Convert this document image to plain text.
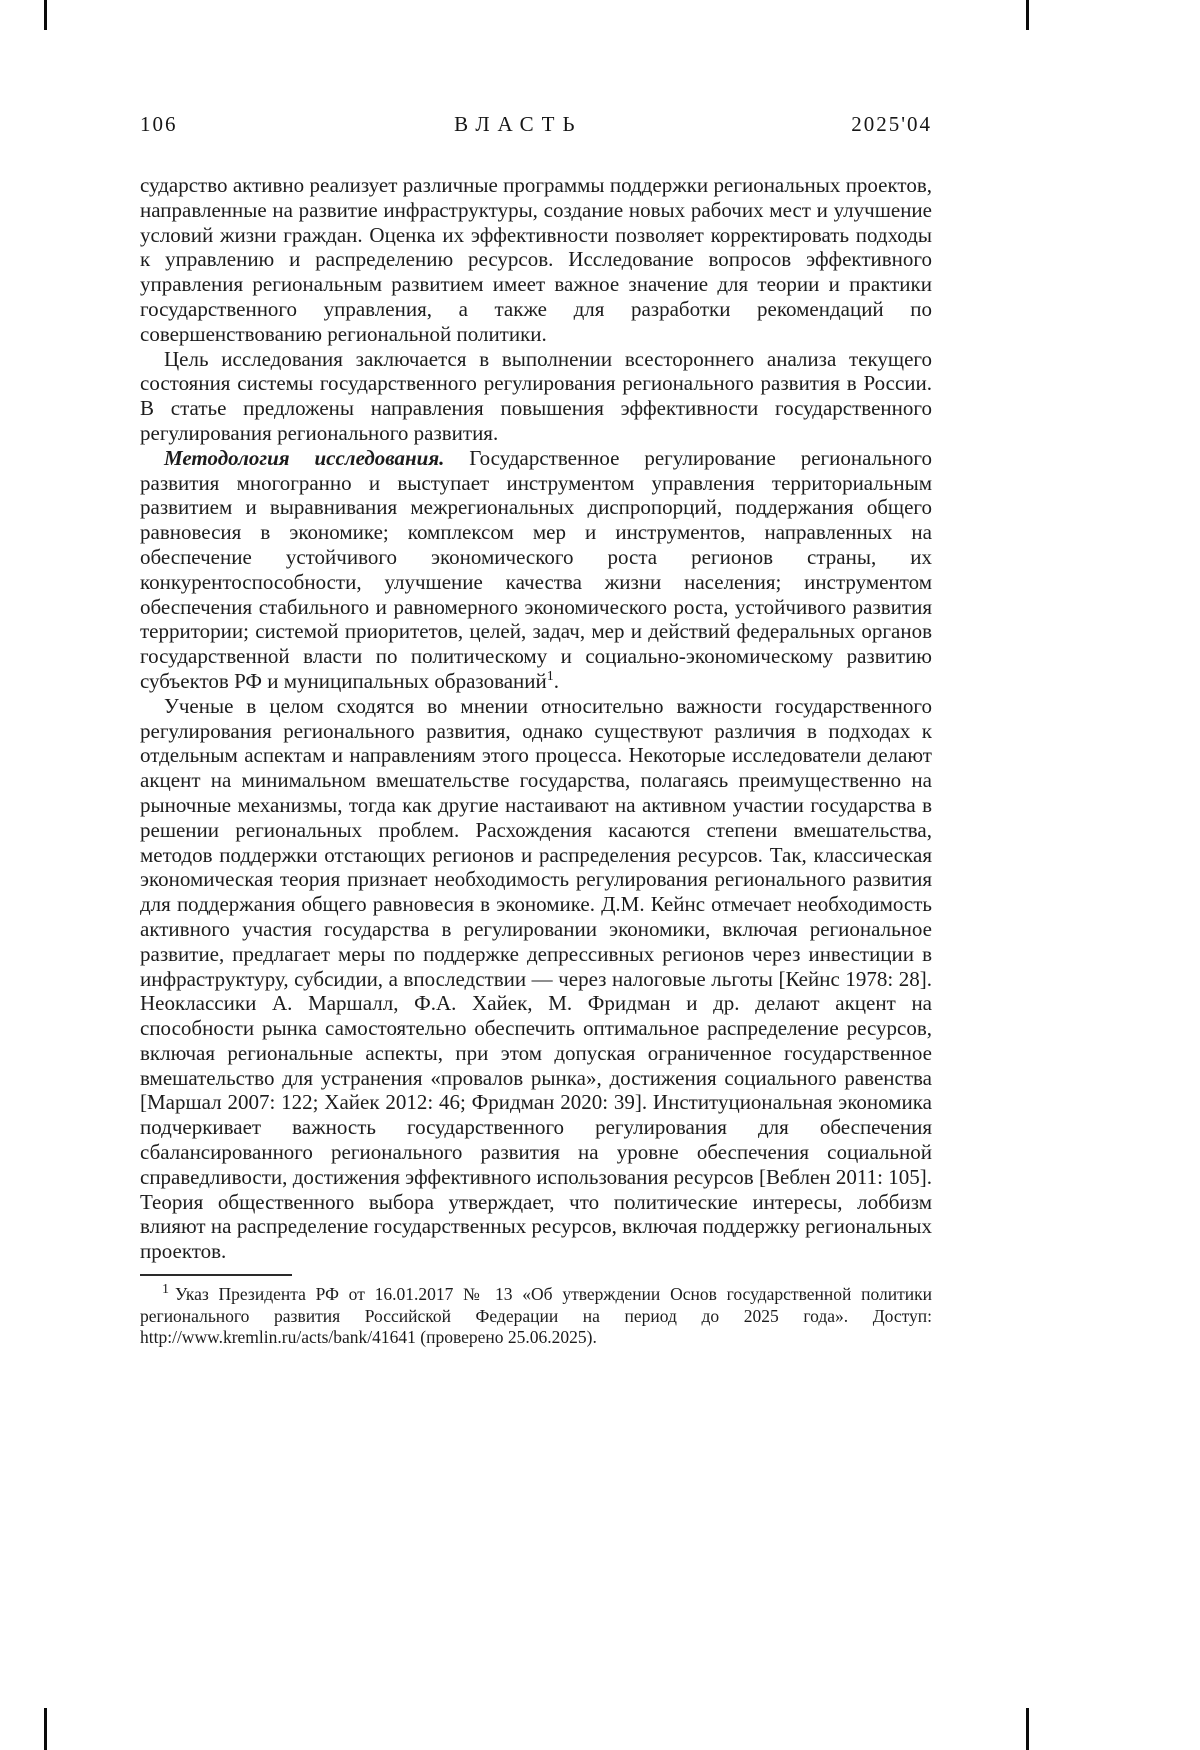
106	ВЛАСТЬ	2025'04

сударство активно реализует различные программы поддержки региональных проектов, направленные на развитие инфраструктуры, создание новых рабочих мест и улучшение условий жизни граждан. Оценка их эффективности позволяет корректировать подходы к управлению и распределению ресурсов. Исследование вопросов эффективного управления региональным развитием имеет важное значение для теории и практики государственного управления, а также для разработки рекомендаций по совершенствованию региональной политики.

Цель исследования заключается в выполнении всестороннего анализа текущего состояния системы государственного регулирования регионального развития в России. В статье предложены направления повышения эффективности государственного регулирования регионального развития.

Методология исследования. Государственное регулирование регионального развития многогранно и выступает инструментом управления территориальным развитием и выравнивания межрегиональных диспропорций, поддержания общего равновесия в экономике; комплексом мер и инструментов, направленных на обеспечение устойчивого экономического роста регионов страны, их конкурентоспособности, улучшение качества жизни населения; инструментом обеспечения стабильного и равномерного экономического роста, устойчивого развития территории; системой приоритетов, целей, задач, мер и действий федеральных органов государственной власти по политическому и социально-экономическому развитию субъектов РФ и муниципальных образований$^1$.

Ученые в целом сходятся во мнении относительно важности государственного регулирования регионального развития, однако существуют различия в подходах к отдельным аспектам и направлениям этого процесса. Некоторые исследователи делают акцент на минимальном вмешательстве государства, полагаясь преимущественно на рыночные механизмы, тогда как другие настаивают на активном участии государства в решении региональных проблем. Расхождения касаются степени вмешательства, методов поддержки отстающих регионов и распределения ресурсов. Так, классическая экономическая теория признает необходимость регулирования регионального развития для поддержания общего равновесия в экономике. Д.М. Кейнс отмечает необходимость активного участия государства в регулировании экономики, включая региональное развитие, предлагает меры по поддержке депрессивных регионов через инвестиции в инфраструктуру, субсидии, а впоследствии — через налоговые льготы [Кейнс 1978: 28]. Неоклассики А. Маршалл, Ф.А. Хайек, М. Фридман и др. делают акцент на способности рынка самостоятельно обеспечить оптимальное распределение ресурсов, включая региональные аспекты, при этом допуская ограниченное государственное вмешательство для устранения «провалов рынка», достижения социального равенства [Маршал 2007: 122; Хайек 2012: 46; Фридман 2020: 39]. Институциональная экономика подчеркивает важность государственного регулирования для обеспечения сбалансированного регионального развития на уровне обеспечения социальной справедливости, достижения эффективного использования ресурсов [Веблен 2011: 105]. Теория общественного выбора утверждает, что политические интересы, лоббизм влияют на распределение государственных ресурсов, включая поддержку региональных проектов.

$^1$ Указ Президента РФ от 16.01.2017 № 13 «Об утверждении Основ государственной политики регионального развития Российской Федерации на период до 2025 года». Доступ: http://www.kremlin.ru/acts/bank/41641 (проверено 25.06.2025).
